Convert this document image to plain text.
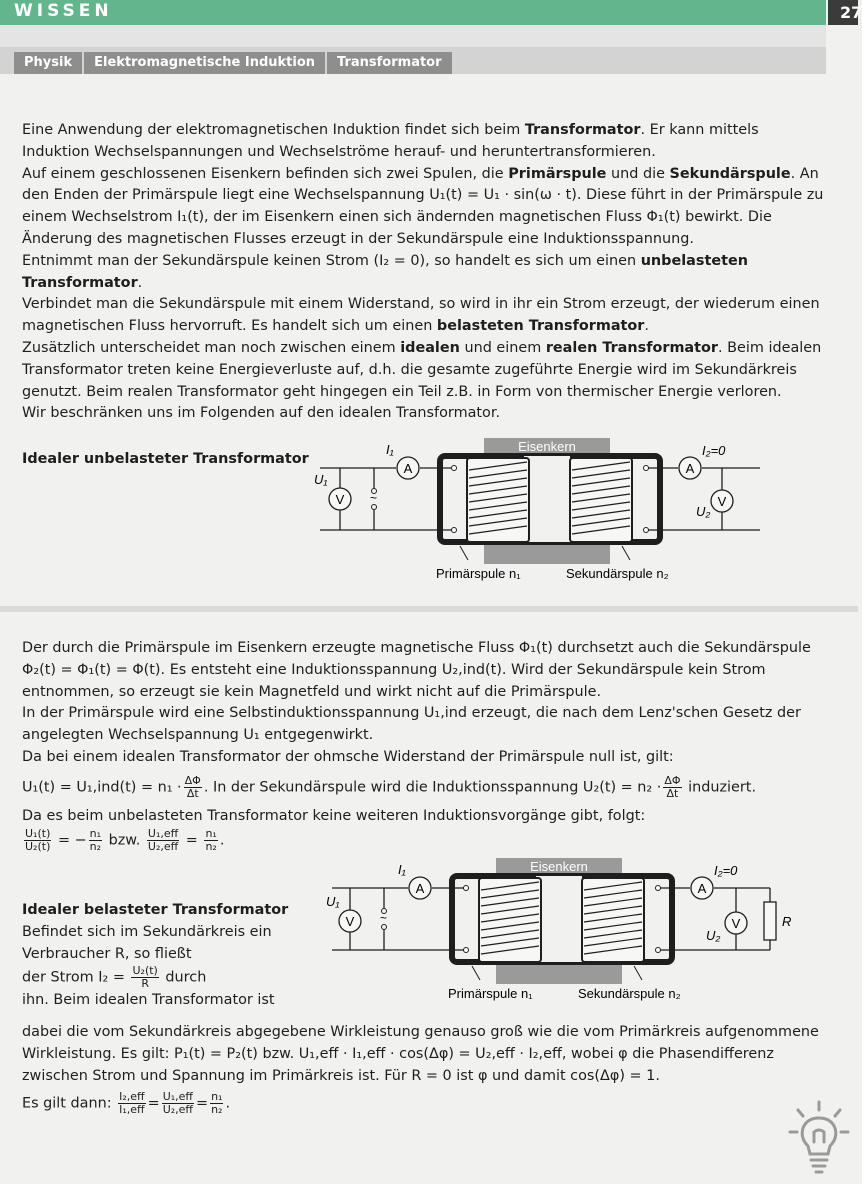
WISSEN	27
Physik	Elektromagnetische Induktion	Transformator

Eine Anwendung der elektromagnetischen Induktion findet sich beim Transformator. Er kann mittels Induktion Wechselspannungen und Wechselströme herauf- und heruntertransformieren.

Auf einem geschlossenen Eisenkern befinden sich zwei Spulen, die Primärspule und die Sekundärspule. An den Enden der Primärspule liegt eine Wechselspannung U₁(t) = U₁ · sin(ω · t). Diese führt in der Primärspule zu einem Wechselstrom I₁(t), der im Eisenkern einen sich ändernden magnetischen Fluss Φ₁(t) bewirkt. Die Änderung des magnetischen Flusses erzeugt in der Sekundärspule eine Induktionsspannung.

Entnimmt man der Sekundärspule keinen Strom (I₂ = 0), so handelt es sich um einen unbelasteten Transformator.

Verbindet man die Sekundärspule mit einem Widerstand, so wird in ihr ein Strom erzeugt, der wiederum einen magnetischen Fluss hervorruft. Es handelt sich um einen belasteten Transformator.

Zusätzlich unterscheidet man noch zwischen einem idealen und einem realen Transformator. Beim idealen Transformator treten keine Energieverluste auf, d.h. die gesamte zugeführte Energie wird im Sekundärkreis genutzt. Beim realen Transformator geht hingegen ein Teil z.B. in Form von thermischer Energie verloren.

Wir beschränken uns im Folgenden auf den idealen Transformator.

Idealer unbelasteter Transformator
Eisenkern
~
V
A
I₁
U₁
A
V
I₂=0
U₂
Primärspule n₁	Sekundärspule n₂

Der durch die Primärspule im Eisenkern erzeugte magnetische Fluss Φ₁(t) durchsetzt auch die Sekundärspule Φ₂(t) = Φ₁(t) = Φ(t). Es entsteht eine Induktionsspannung U₂,ind(t). Wird der Sekundärspule kein Strom entnommen, so erzeugt sie kein Magnetfeld und wirkt nicht auf die Primärspule.

In der Primärspule wird eine Selbstinduktionsspannung U₁,ind erzeugt, die nach dem Lenz'schen Gesetz der angelegten Wechselspannung U₁ entgegenwirkt.

Da bei einem idealen Transformator der ohmsche Widerstand der Primärspule null ist, gilt:

$U_1(t) = U_1,ind(t) = n_1 \cdot \frac{\Delta\Phi}{\Delta t}$ . In der Sekundärspule wird die Induktionsspannung $U_2(t) = n_2 \cdot \frac{\Delta\Phi}{\Delta t}$ induziert.

Da es beim unbelasteten Transformator keine weiteren Induktionsvorgänge gibt, folgt:

$\frac{\text{U₁(t)}}{\text{U₂(t)}}$ = − $\frac{\text{n₁}}{\text{n₂}}$ bzw. $\frac{\text{U₁,eff}}{\text{U₂,eff}} = \frac{\text{n₁}}{\text{n₂}}$ .

Idealer belasteter Transformator
Befindet sich im Sekundärkreis ein
Verbraucher R, so fließt
der Strom $I_2 = \frac{\text{U₂(t)}}{R}$ durch
ihn. Beim idealen Transformator ist
Eisenkern
~
V
A
I₁
U₁
R
A
V
I₂=0
U₂
Primärspule n₁	Sekundärspule n₂

dabei die vom Sekundärkreis abgegebene Wirkleistung genauso groß wie die vom Primärkreis aufgenommene Wirkleistung. Es gilt: P₁(t) = P₂(t) bzw. U₁,eff · I₁,eff · cos(Δφ) = U₂,eff · I₂,eff, wobei φ die Phasendifferenz zwischen Strom und Spannung im Primärkreis ist. Für R = 0 ist φ und damit cos(Δφ) = 1.

Es gilt dann: $\frac{\text{I₂,eff}}{\text{I₁,eff}} = \frac{\text{U₁,eff}}{\text{U₂,eff}} = \frac{\text{n₁}}{\text{n₂}}$ .
